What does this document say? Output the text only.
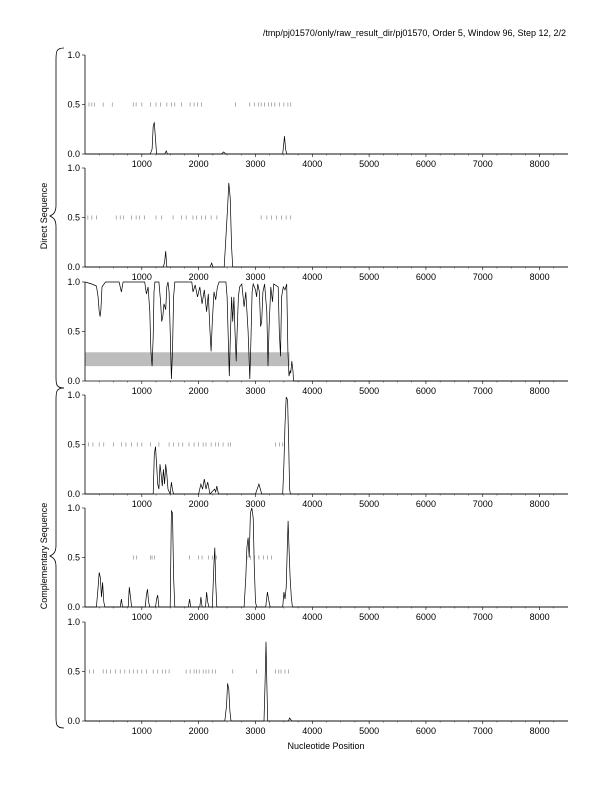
/tmp/pj01570/only/raw_result_dir/pj01570, Order 5, Window 96, Step 12, 2/2
Direct Sequence
Complementary Sequence
0.0
0.5
1.0
1000	2000	3000	4000	5000	6000	7000	8000
0.0
0.5
1.0
1000	2000	3000	4000	5000	6000	7000	8000
0.0
0.5
1.0
1000	2000	3000	4000	5000	6000	7000	8000
0.0
0.5
1.0
1000	2000	3000	4000	5000	6000	7000	8000
0.0
0.5
1.0
1000	2000	3000	4000	5000	6000	7000	8000
0.0
0.5
1.0
1000	2000	3000	4000	5000	6000	7000	8000
Nucleotide Position
